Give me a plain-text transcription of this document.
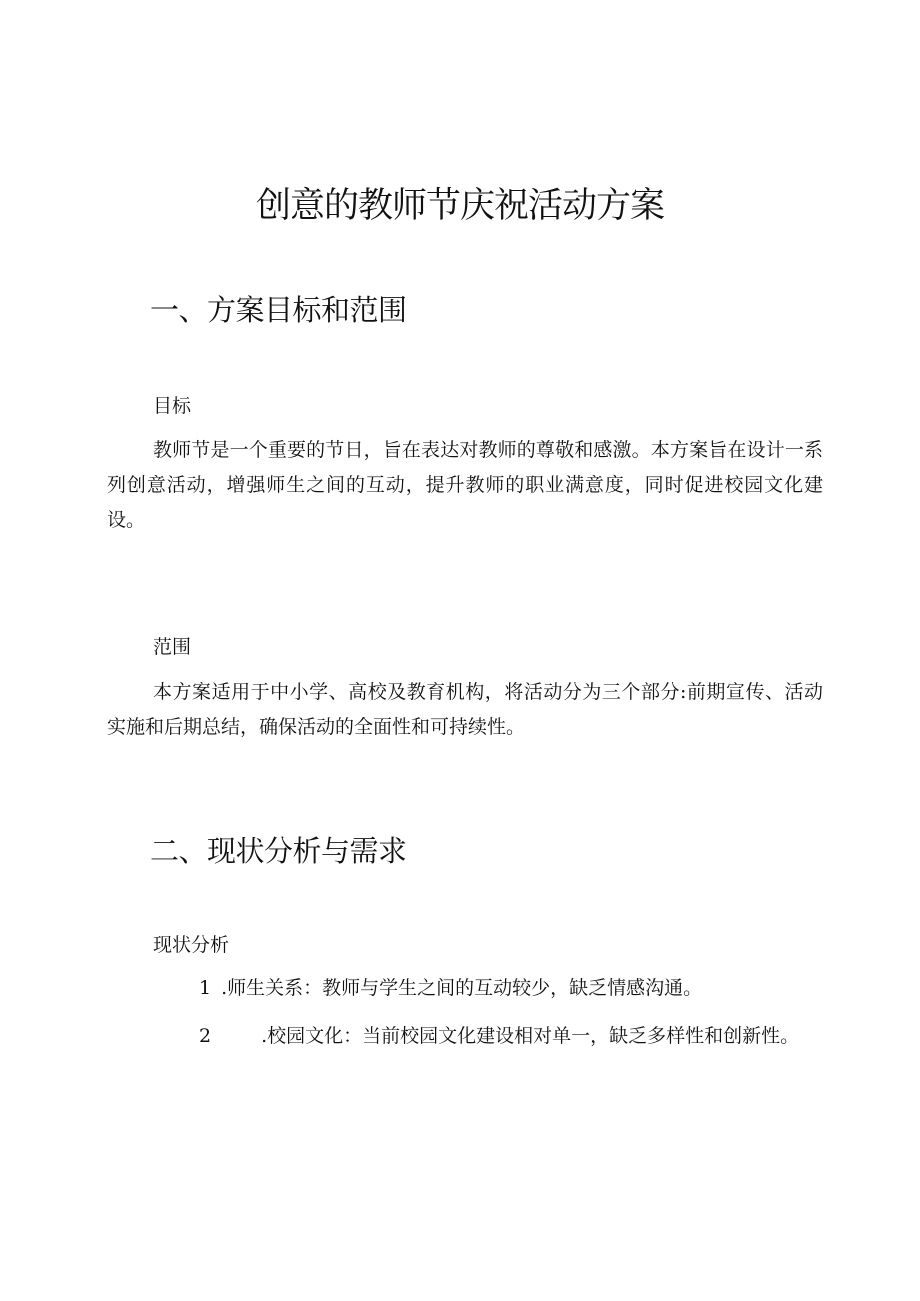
创意的教师节庆祝活动方案
一、方案目标和范围
目标
教师节是一个重要的节日，旨在表达对教师的尊敬和感激。本方案旨在设计一系列创意活动，增强师生之间的互动，提升教师的职业满意度，同时促进校园文化建设。
范围
本方案适用于中小学、高校及教育机构，将活动分为三个部分:前期宣传、活动实施和后期总结，确保活动的全面性和可持续性。
二、现状分析与需求
现状分析
1 .师生关系：教师与学生之间的互动较少，缺乏情感沟通。
2	.校园文化：当前校园文化建设相对单一，缺乏多样性和创新性。
